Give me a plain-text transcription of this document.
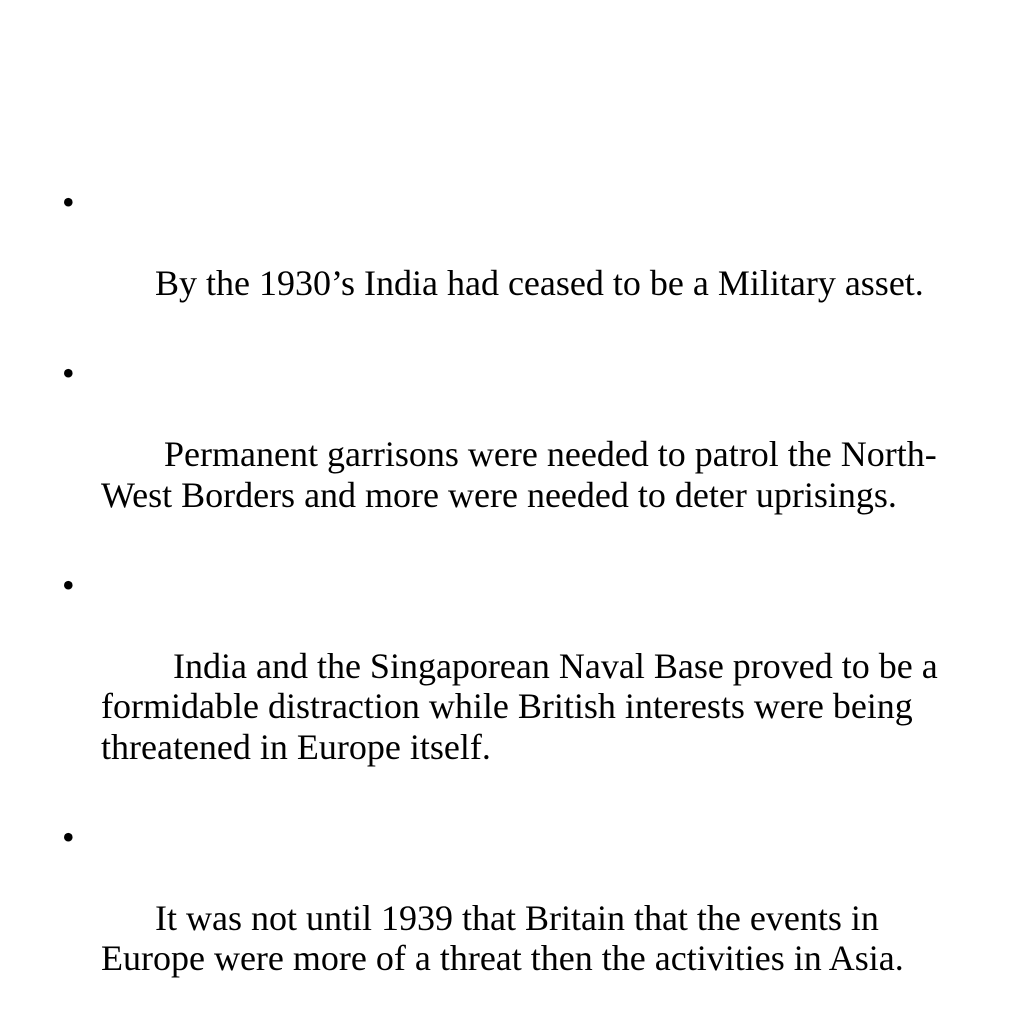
•

By the 1930’s India had ceased to be a Military asset.

•

Permanent garrisons were needed to patrol the North-West Borders and more were needed to deter uprisings.

•

India and the Singaporean Naval Base proved to be a formidable distraction while British interests were being threatened in Europe itself.

•

It was not until 1939 that Britain that the events in Europe were more of a threat then the activities in Asia.
